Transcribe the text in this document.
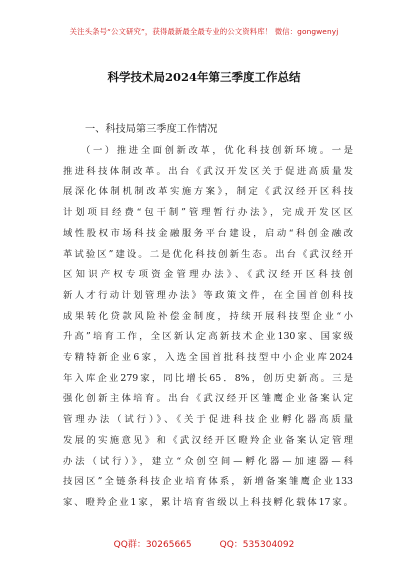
关注头条号“公文研究”，获得最新最全最专业的公文资料库！ 微信：gongwenyj
科学技术局2024年第三季度工作总结

一、科技局第三季度工作情况

（一）推进全面创新改革，优化科技创新环境。一是

推进科技体制改革。出台《武汉开发区关于促进高质量发

展深化体制机制改革实施方案》，制定《武汉经开区科技

计划项目经费“包干制”管理暂行办法》，完成开发区区

域性股权市场科技金融服务平台建设，启动“科创金融改

革试验区”建设。二是优化科技创新生态。出台《武汉经开

区知识产权专项资金管理办法》、《武汉经开区科技创

新人才行动计划管理办法》等政策文件，在全国首创科技

成果转化贷款风险补偿金制度，持续开展科技型企业“小

升高”培育工作，全区新认定高新技术企业130家、国家级

专精特新企业6家，入选全国首批科技型中小企业库2024

年入库企业279家，同比增长65．8%，创历史新高。三是

强化创新主体培育。出台《武汉经开区雏鹰企业备案认定

管理办法（试行）》、《关于促进科技企业孵化器高质量

发展的实施意见》和《武汉经开区瞪羚企业备案认定管理

办法（试行）》，建立“众创空间—孵化器—加速器—科

技园区”全链条科技企业培育体系，新增备案雏鹰企业133

家、瞪羚企业1家，累计培育省级以上科技孵化载体17家。

QQ群：30265665	QQ：535304092
